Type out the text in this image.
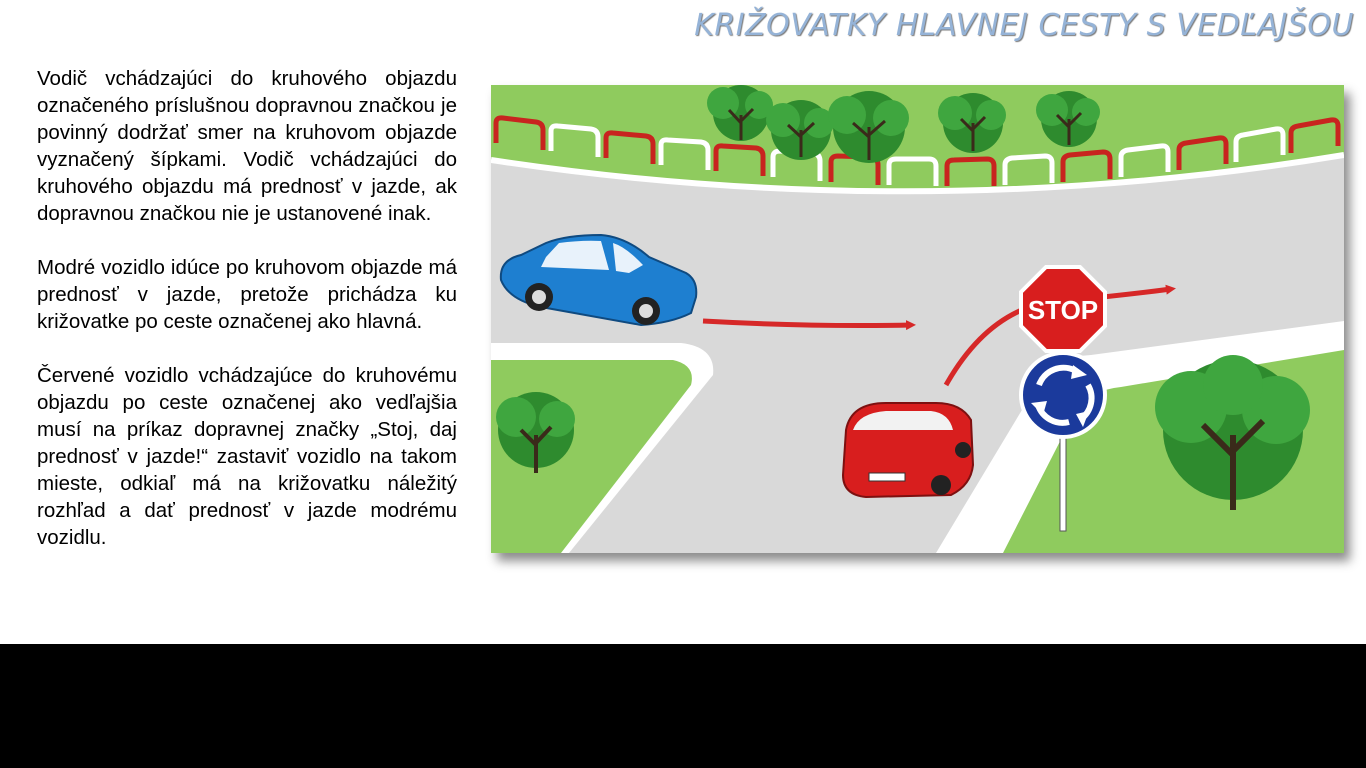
KRIŽOVATKY HLAVNEJ CESTY S VEDĽAJŠOU

Vodič vchádzajúci do kruhového objazdu označeného príslušnou dopravnou značkou je povinný dodržať smer na kruhovom objazde vyznačený šípkami. Vodič vchádzajúci do kruhového objazdu má prednosť v jazde, ak dopravnou značkou nie je ustanovené inak.

Modré vozidlo idúce po kruhovom objazde má prednosť v jazde, pretože prichádza ku križovatke po ceste označenej ako hlavná.

Červené vozidlo vchádzajúce do kruhovému objazdu po ceste označenej ako vedľajšia musí na príkaz dopravnej značky „Stoj, daj prednosť v jazde!“ zastaviť vozidlo na takom mieste, odkiaľ má na križovatku náležitý rozhľad a dať prednosť v jazde modrému vozidlu.

STOP
